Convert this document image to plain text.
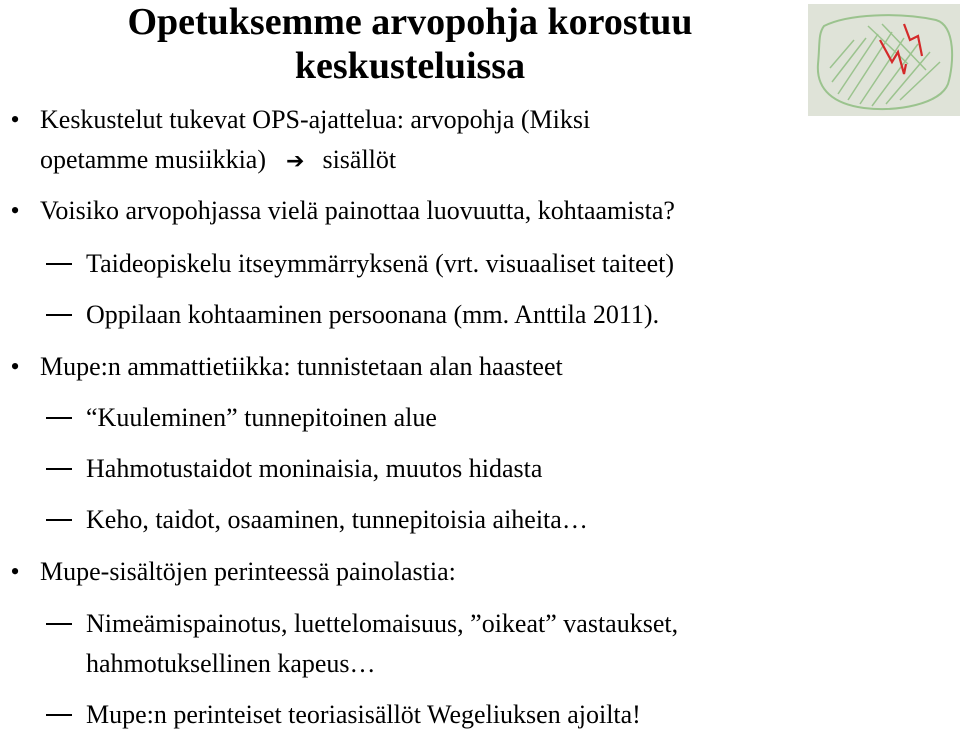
Opetuksemme arvopohja korostuu
keskusteluissa
• Keskustelut tukevat OPS-ajattelua: arvopohja (Miksi
opetamme musiikkia) ➔ sisällöt
• Voisiko arvopohjassa vielä painottaa luovuutta, kohtaamista?
Taideopiskelu itseymmärryksenä (vrt. visuaaliset taiteet)
Oppilaan kohtaaminen persoonana (mm. Anttila 2011).
• Mupe:n ammattietiikka: tunnistetaan alan haasteet
“Kuuleminen” tunnepitoinen alue
Hahmotustaidot moninaisia, muutos hidasta
Keho, taidot, osaaminen, tunnepitoisia aiheita…
• Mupe-sisältöjen perinteessä painolastia:
Nimeämispainotus, luettelomaisuus, ”oikeat” vastaukset,
hahmotuksellinen kapeus…
Mupe:n perinteiset teoriasisällöt Wegeliuksen ajoilta!
